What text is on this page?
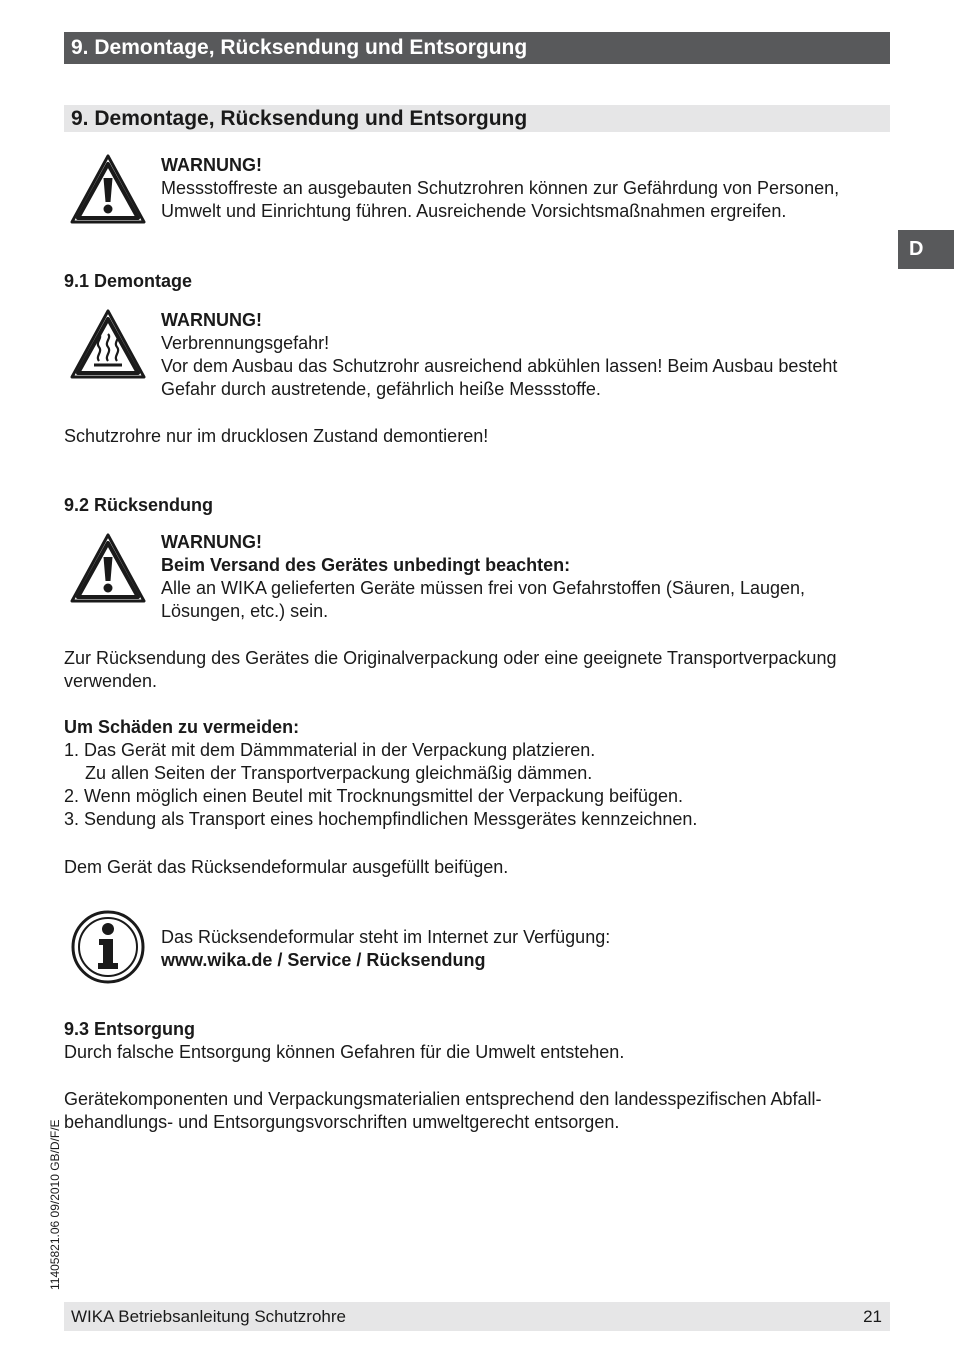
9. Demontage, Rücksendung und Entsorgung
9. Demontage, Rücksendung und Entsorgung
D
WARNUNG!
Messstoffreste an ausgebauten Schutzrohren können zur Gefährdung von Personen,
Umwelt und Einrichtung führen. Ausreichende Vorsichtsmaßnahmen ergreifen.
9.1 Demontage
WARNUNG!
Verbrennungsgefahr!
Vor dem Ausbau das Schutzrohr ausreichend abkühlen lassen! Beim Ausbau besteht
Gefahr durch austretende, gefährlich heiße Messstoffe.
Schutzrohre nur im drucklosen Zustand demontieren!
9.2 Rücksendung
WARNUNG!
Beim Versand des Gerätes unbedingt beachten:
Alle an WIKA gelieferten Geräte müssen frei von Gefahrstoffen (Säuren, Laugen,
Lösungen, etc.) sein.
Zur Rücksendung des Gerätes die Originalverpackung oder eine geeignete Transportverpackung
verwenden.
Um Schäden zu vermeiden:
1. Das Gerät mit dem Dämmmaterial in der Verpackung platzieren.
Zu allen Seiten der Transportverpackung gleichmäßig dämmen.
2. Wenn möglich einen Beutel mit Trocknungsmittel der Verpackung beifügen.
3. Sendung als Transport eines hochempfindlichen Messgerätes kennzeichnen.
Dem Gerät das Rücksendeformular ausgefüllt beifügen.
Das Rücksendeformular steht im Internet zur Verfügung:
www.wika.de / Service / Rücksendung
9.3 Entsorgung
Durch falsche Entsorgung können Gefahren für die Umwelt entstehen.
Gerätekomponenten und Verpackungsmaterialien entsprechend den landesspezifischen Abfall-
behandlungs- und Entsorgungsvorschriften umweltgerecht entsorgen.
11405821.06 09/2010 GB/D/F/E
WIKA Betriebsanleitung Schutzrohre	21
